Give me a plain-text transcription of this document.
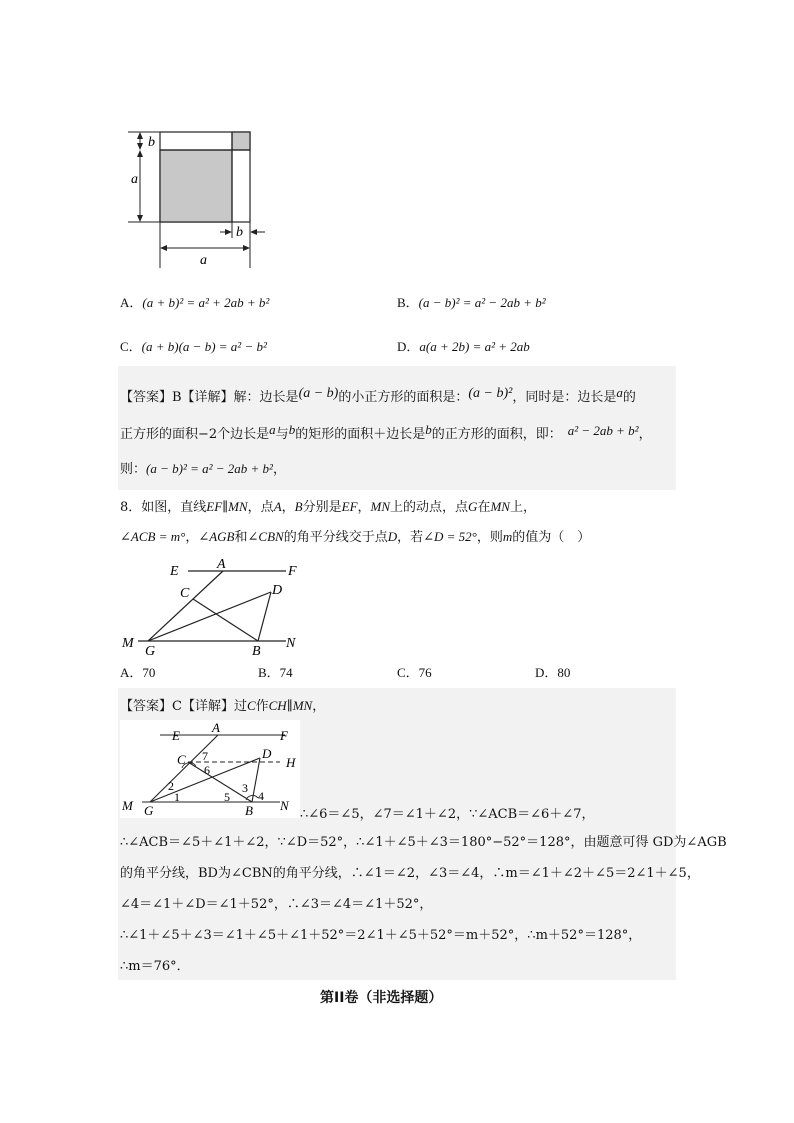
b
a
b
a
A．(a + b)² = a² + 2ab + b²	B．(a − b)² = a² − 2ab + b²
C．(a + b)(a − b) = a² − b²	D．a(a + 2b) = a² + 2ab
【答案】B【详解】解：边长是(a − b)的小正方形的面积是：(a − b)²，同时是：边长是a的
正方形的面积−2个边长是a与b的矩形的面积＋边长是b的正方形的面积，即： a² − 2ab + b²，
则：(a − b)² = a² − 2ab + b²，
8．如图，直线EF∥MN，点A，B分别是EF，MN上的动点，点G在MN上，
∠ACB = m°，∠AGB和∠CBN的角平分线交于点D，若∠D = 52°，则m的值为（　）
E	A	F
C	D
M
G	B
N
A．70	B．74	C．76	D．80
【答案】C【详解】过C作CH∥MN，
E
A
F
C 7
6
D
H
2
1
3
5 4
M G	B N
∴∠6＝∠5，∠7＝∠1＋∠2，∵∠ACB＝∠6＋∠7，
∴∠ACB＝∠5＋∠1＋∠2，∵∠D＝52°，∴∠1＋∠5＋∠3＝180°−52°＝128°，由题意可得 GD为∠AGB
的角平分线，BD为∠CBN的角平分线，∴∠1＝∠2，∠3＝∠4，∴m＝∠1＋∠2＋∠5＝2∠1＋∠5，
∠4＝∠1＋∠D＝∠1＋52°，∴∠3＝∠4＝∠1＋52°，
∴∠1＋∠5＋∠3＝∠1＋∠5＋∠1＋52°＝2∠1＋∠5＋52°＝m＋52°，∴m＋52°＝128°，
∴m＝76°．
第II卷（非选择题）
